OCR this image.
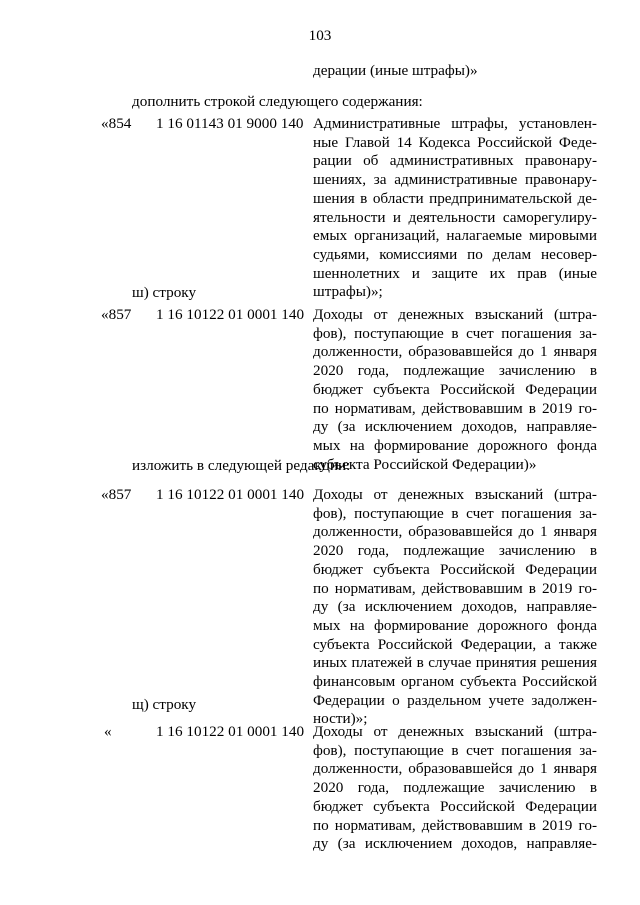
103
дерации (иные штрафы)»
дополнить строкой следующего содержания:
«854 1 16 01143 01 9000 140 Административные штрафы, установлен-
ные Главой 14 Кодекса Российской Феде-
рации об административных правонару-
шениях, за административные правонару-
шения в области предпринимательской де-
ятельности и деятельности саморегулиру-
емых организаций, налагаемые мировыми
судьями, комиссиями по делам несовер-
шеннолетних и защите их прав (иные
штрафы)»;
ш) строку
«857 1 16 10122 01 0001 140 Доходы от денежных взысканий (штра-
фов), поступающие в счет погашения за-
долженности, образовавшейся до 1 января
2020 года, подлежащие зачислению в
бюджет субъекта Российской Федерации
по нормативам, действовавшим в 2019 го-
ду (за исключением доходов, направляе-
мых на формирование дорожного фонда
субъекта Российской Федерации)»
изложить в следующей редакции:
«857 1 16 10122 01 0001 140 Доходы от денежных взысканий (штра-
фов), поступающие в счет погашения за-
долженности, образовавшейся до 1 января
2020 года, подлежащие зачислению в
бюджет субъекта Российской Федерации
по нормативам, действовавшим в 2019 го-
ду (за исключением доходов, направляе-
мых на формирование дорожного фонда
субъекта Российской Федерации, а также
иных платежей в случае принятия решения
финансовым органом субъекта Российской
Федерации о раздельном учете задолжен-
ности)»;
щ) строку
«	1 16 10122 01 0001 140 Доходы от денежных взысканий (штра-
фов), поступающие в счет погашения за-
долженности, образовавшейся до 1 января
2020 года, подлежащие зачислению в
бюджет субъекта Российской Федерации
по нормативам, действовавшим в 2019 го-
ду (за исключением доходов, направляе-
